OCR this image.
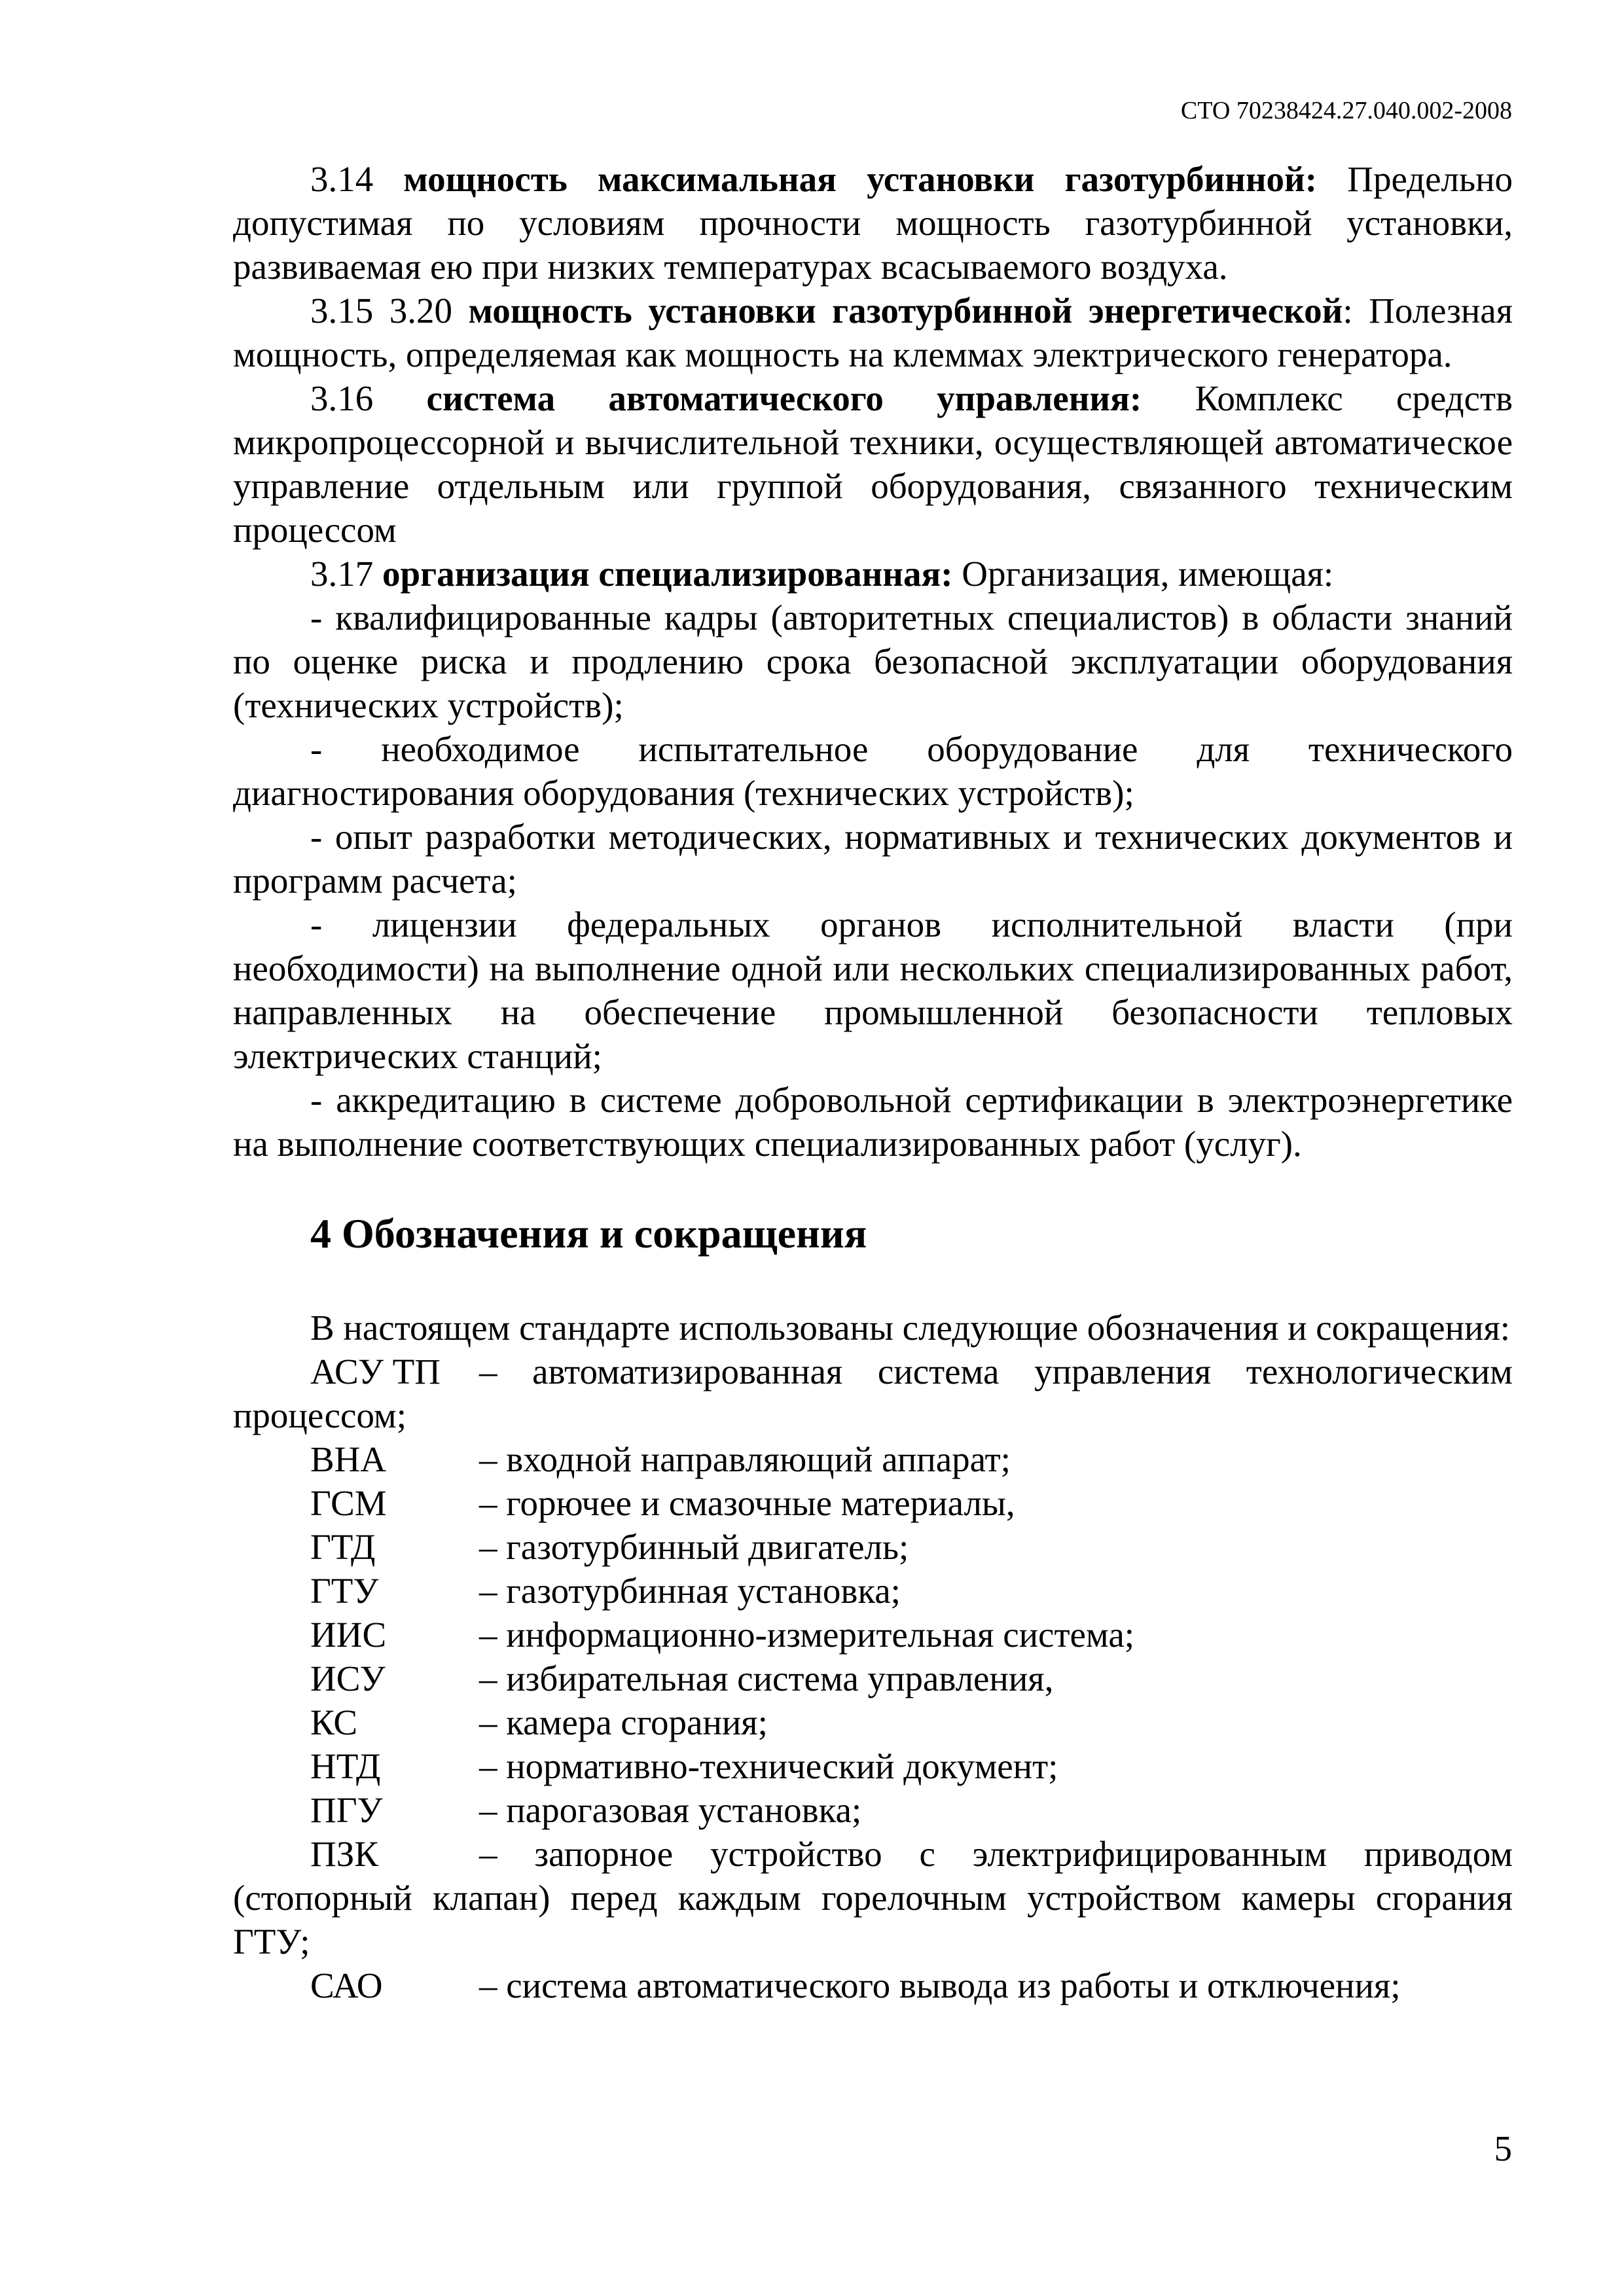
СТО 70238424.27.040.002-2008

3.14 мощность максимальная установки газотурбинной: Предельно допустимая по условиям прочности мощность газотурбинной установки, развиваемая ею при низких температурах всасываемого воздуха.

3.15 3.20 мощность установки газотурбинной энергетической: Полезная мощность, определяемая как мощность на клеммах электрического генератора.

3.16 система автоматического управления: Комплекс средств микропроцессорной и вычислительной техники, осуществляющей автоматическое управление отдельным или группой оборудования, связанного техническим процессом

3.17 организация специализированная: Организация, имеющая:

- квалифицированные кадры (авторитетных специалистов) в области знаний по оценке риска и продлению срока безопасной эксплуатации оборудования (технических устройств);

- необходимое испытательное оборудование для технического диагностирования оборудования (технических устройств);

- опыт разработки методических, нормативных и технических документов и программ расчета;

- лицензии федеральных органов исполнительной власти (при необходимости) на выполнение одной или нескольких специализированных работ, направленных на обеспечение промышленной безопасности тепловых электрических станций;

- аккредитацию в системе добровольной сертификации в электроэнергетике на выполнение соответствующих специализированных работ (услуг).

4 Обозначения и сокращения

В настоящем стандарте использованы следующие обозначения и сокращения:

АСУ ТП	– автоматизированная система управления технологическим
процессом;
ВНА	– входной направляющий аппарат;
ГСМ	– горючее и смазочные материалы,
ГТД	– газотурбинный двигатель;
ГТУ	– газотурбинная установка;
ИИС	– информационно-измерительная система;
ИСУ	– избирательная система управления,
КС	– камера сгорания;
НТД	– нормативно-технический документ;
ПГУ	– парогазовая установка;
ПЗК	– запорное устройство с электрифицированным приводом
(стопорный клапан) перед каждым горелочным устройством камеры сгорания ГТУ;
САО	– система автоматического вывода из работы и отключения;
5
